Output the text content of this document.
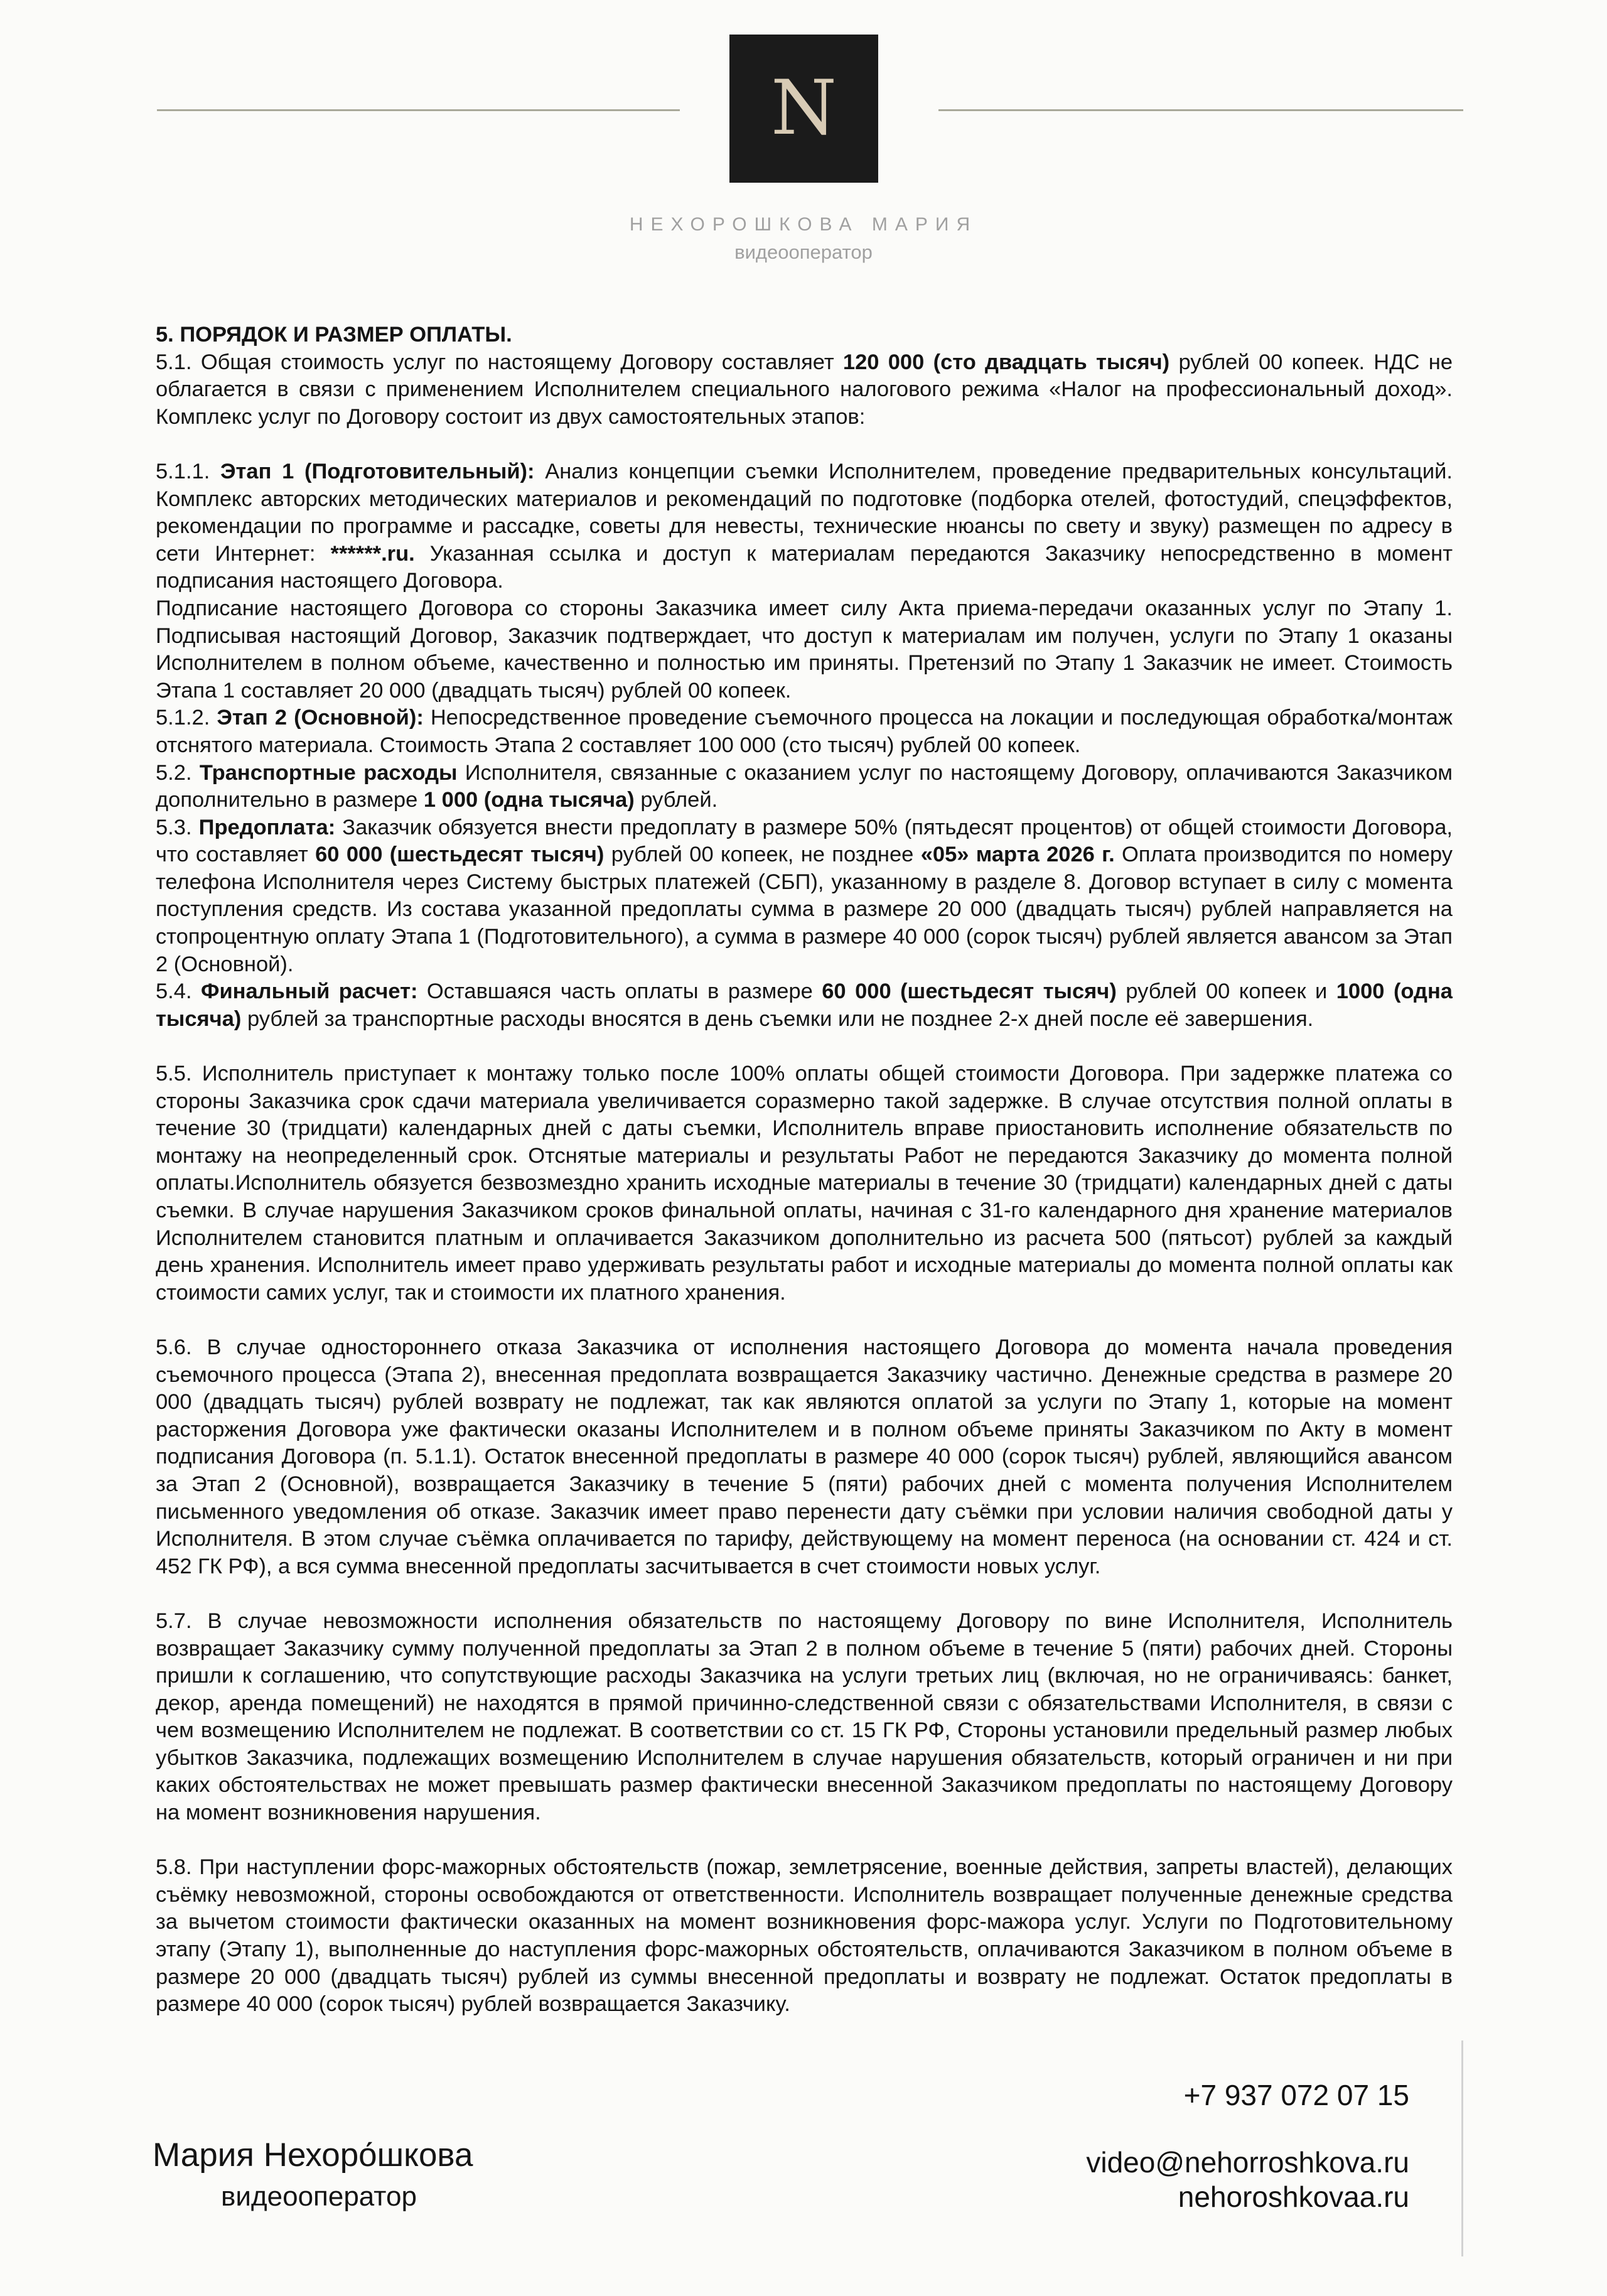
N
НЕХОРОШКОВА МАРИЯ
видеооператор

5. ПОРЯДОК И РАЗМЕР ОПЛАТЫ.

5.1. Общая стоимость услуг по настоящему Договору составляет 120 000 (сто двадцать тысяч) рублей 00 копеек. НДС не облагается в связи с применением Исполнителем специального налогового режима «Налог на профессиональный доход». Комплекс услуг по Договору состоит из двух самостоятельных этапов:

5.1.1. Этап 1 (Подготовительный): Анализ концепции съемки Исполнителем, проведение предварительных консультаций. Комплекс авторских методических материалов и рекомендаций по подготовке (подборка отелей, фотостудий, спецэффектов, рекомендации по программе и рассадке, советы для невесты, технические нюансы по свету и звуку) размещен по адресу в сети Интернет: ******.ru. Указанная ссылка и доступ к материалам передаются Заказчику непосредственно в момент подписания настоящего Договора.

Подписание настоящего Договора со стороны Заказчика имеет силу Акта приема-передачи оказанных услуг по Этапу 1. Подписывая настоящий Договор, Заказчик подтверждает, что доступ к материалам им получен, услуги по Этапу 1 оказаны Исполнителем в полном объеме, качественно и полностью им приняты. Претензий по Этапу 1 Заказчик не имеет. Стоимость Этапа 1 составляет 20 000 (двадцать тысяч) рублей 00 копеек.

5.1.2. Этап 2 (Основной): Непосредственное проведение съемочного процесса на локации и последующая обработка/монтаж отснятого материала. Стоимость Этапа 2 составляет 100 000 (сто тысяч) рублей 00 копеек.

5.2. Транспортные расходы Исполнителя, связанные с оказанием услуг по настоящему Договору, оплачиваются Заказчиком дополнительно в размере 1 000 (одна тысяча) рублей.

5.3. Предоплата: Заказчик обязуется внести предоплату в размере 50% (пятьдесят процентов) от общей стоимости Договора, что составляет 60 000 (шестьдесят тысяч) рублей 00 копеек, не позднее «05» марта 2026 г. Оплата производится по номеру телефона Исполнителя через Систему быстрых платежей (СБП), указанному в разделе 8. Договор вступает в силу с момента поступления средств. Из состава указанной предоплаты сумма в размере 20 000 (двадцать тысяч) рублей направляется на стопроцентную оплату Этапа 1 (Подготовительного), а сумма в размере 40 000 (сорок тысяч) рублей является авансом за Этап 2 (Основной).

5.4. Финальный расчет: Оставшаяся часть оплаты в размере 60 000 (шестьдесят тысяч) рублей 00 копеек и 1000 (одна тысяча) рублей за транспортные расходы вносятся в день съемки или не позднее 2-х дней после её завершения.

5.5. Исполнитель приступает к монтажу только после 100% оплаты общей стоимости Договора. При задержке платежа со стороны Заказчика срок сдачи материала увеличивается соразмерно такой задержке. В случае отсутствия полной оплаты в течение 30 (тридцати) календарных дней с даты съемки, Исполнитель вправе приостановить исполнение обязательств по монтажу на неопределенный срок. Отснятые материалы и результаты Работ не передаются Заказчику до момента полной оплаты.Исполнитель обязуется безвозмездно хранить исходные материалы в течение 30 (тридцати) календарных дней с даты съемки. В случае нарушения Заказчиком сроков финальной оплаты, начиная с 31-го календарного дня хранение материалов Исполнителем становится платным и оплачивается Заказчиком дополнительно из расчета 500 (пятьсот) рублей за каждый день хранения. Исполнитель имеет право удерживать результаты работ и исходные материалы до момента полной оплаты как стоимости самих услуг, так и стоимости их платного хранения.

5.6. В случае одностороннего отказа Заказчика от исполнения настоящего Договора до момента начала проведения съемочного процесса (Этапа 2), внесенная предоплата возвращается Заказчику частично. Денежные средства в размере 20 000 (двадцать тысяч) рублей возврату не подлежат, так как являются оплатой за услуги по Этапу 1, которые на момент расторжения Договора уже фактически оказаны Исполнителем и в полном объеме приняты Заказчиком по Акту в момент подписания Договора (п. 5.1.1). Остаток внесенной предоплаты в размере 40 000 (сорок тысяч) рублей, являющийся авансом за Этап 2 (Основной), возвращается Заказчику в течение 5 (пяти) рабочих дней с момента получения Исполнителем письменного уведомления об отказе. Заказчик имеет право перенести дату съёмки при условии наличия свободной даты у Исполнителя. В этом случае съёмка оплачивается по тарифу, действующему на момент переноса (на основании ст. 424 и ст. 452 ГК РФ), а вся сумма внесенной предоплаты засчитывается в счет стоимости новых услуг.

5.7. В случае невозможности исполнения обязательств по настоящему Договору по вине Исполнителя, Исполнитель возвращает Заказчику сумму полученной предоплаты за Этап 2 в полном объеме в течение 5 (пяти) рабочих дней. Стороны пришли к соглашению, что сопутствующие расходы Заказчика на услуги третьих лиц (включая, но не ограничиваясь: банкет, декор, аренда помещений) не находятся в прямой причинно-следственной связи с обязательствами Исполнителя, в связи с чем возмещению Исполнителем не подлежат. В соответствии со ст. 15 ГК РФ, Стороны установили предельный размер любых убытков Заказчика, подлежащих возмещению Исполнителем в случае нарушения обязательств, который ограничен и ни при каких обстоятельствах не может превышать размер фактически внесенной Заказчиком предоплаты по настоящему Договору на момент возникновения нарушения.

5.8. При наступлении форс-мажорных обстоятельств (пожар, землетрясение, военные действия, запреты властей), делающих съёмку невозможной, стороны освобождаются от ответственности. Исполнитель возвращает полученные денежные средства за вычетом стоимости фактически оказанных на момент возникновения форс-мажора услуг. Услуги по Подготовительному этапу (Этапу 1), выполненные до наступления форс-мажорных обстоятельств, оплачиваются Заказчиком в полном объеме в размере 20 000 (двадцать тысяч) рублей из суммы внесенной предоплаты и возврату не подлежат. Остаток предоплаты в размере 40 000 (сорок тысяч) рублей возвращается Заказчику.

+7 937 072 07 15
video@nehorroshkova.ru
nehoroshkovaa.ru
Мария Нехоро́шкова
видеооператор
